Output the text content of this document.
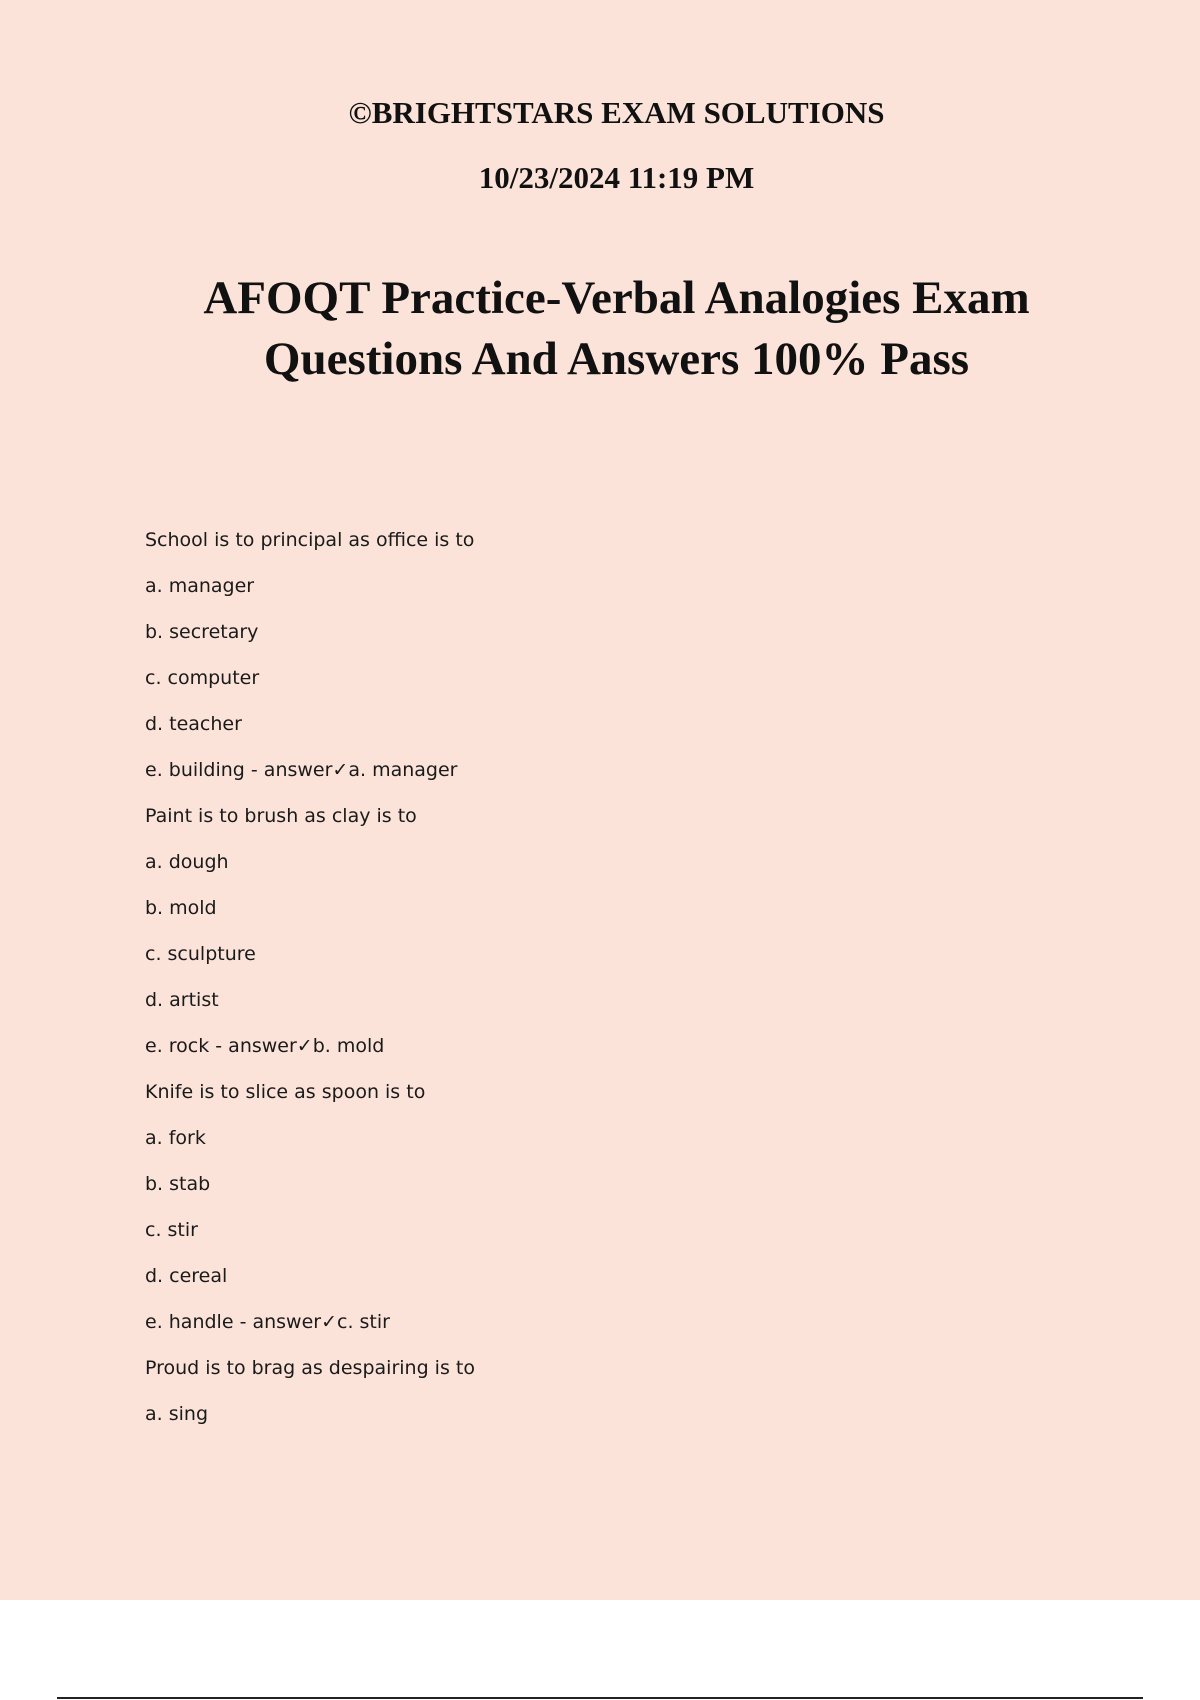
©BRIGHTSTARS EXAM SOLUTIONS

10/23/2024 11:19 PM

AFOQT Practice-Verbal Analogies Exam
Questions And Answers 100% Pass
School is to principal as office is to
a. manager
b. secretary
c. computer
d. teacher
e. building - answer✓a. manager
Paint is to brush as clay is to
a. dough
b. mold
c. sculpture
d. artist
e. rock - answer✓b. mold
Knife is to slice as spoon is to
a. fork
b. stab
c. stir
d. cereal
e. handle - answer✓c. stir
Proud is to brag as despairing is to
a. sing
